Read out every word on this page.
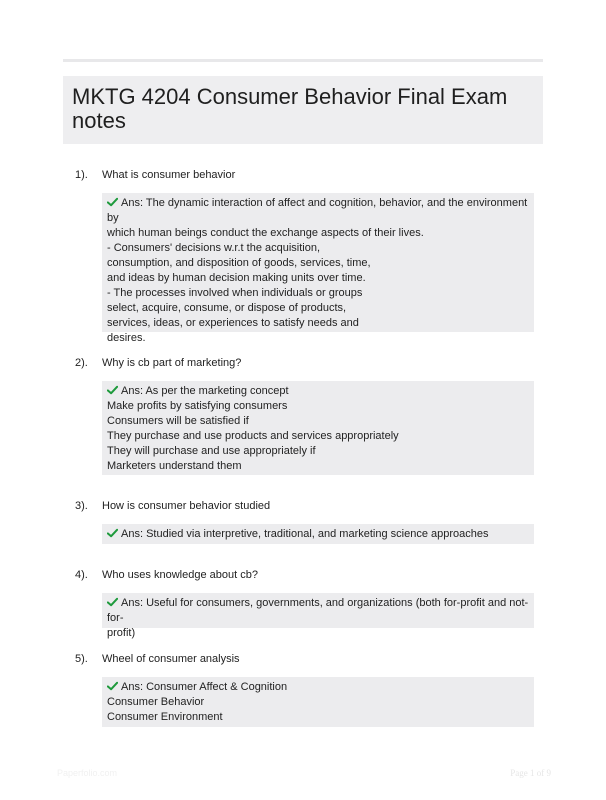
MKTG 4204 Consumer Behavior Final Exam notes
1). What is consumer behavior
Ans: The dynamic interaction of affect and cognition, behavior, and the environment by
which human beings conduct the exchange aspects of their lives.
- Consumers' decisions w.r.t the acquisition,
consumption, and disposition of goods, services, time,
and ideas by human decision making units over time.
- The processes involved when individuals or groups
select, acquire, consume, or dispose of products,
services, ideas, or experiences to satisfy needs and
desires.
2). Why is cb part of marketing?
Ans: As per the marketing concept
Make profits by satisfying consumers
Consumers will be satisfied if
They purchase and use products and services appropriately
They will purchase and use appropriately if
Marketers understand them
3). How is consumer behavior studied
Ans: Studied via interpretive, traditional, and marketing science approaches
4). Who uses knowledge about cb?
Ans: Useful for consumers, governments, and organizations (both for-profit and not-for-
profit)
5). Wheel of consumer analysis
Ans: Consumer Affect & Cognition
Consumer Behavior
Consumer Environment
Paperfolio.com	Page 1 of 9
